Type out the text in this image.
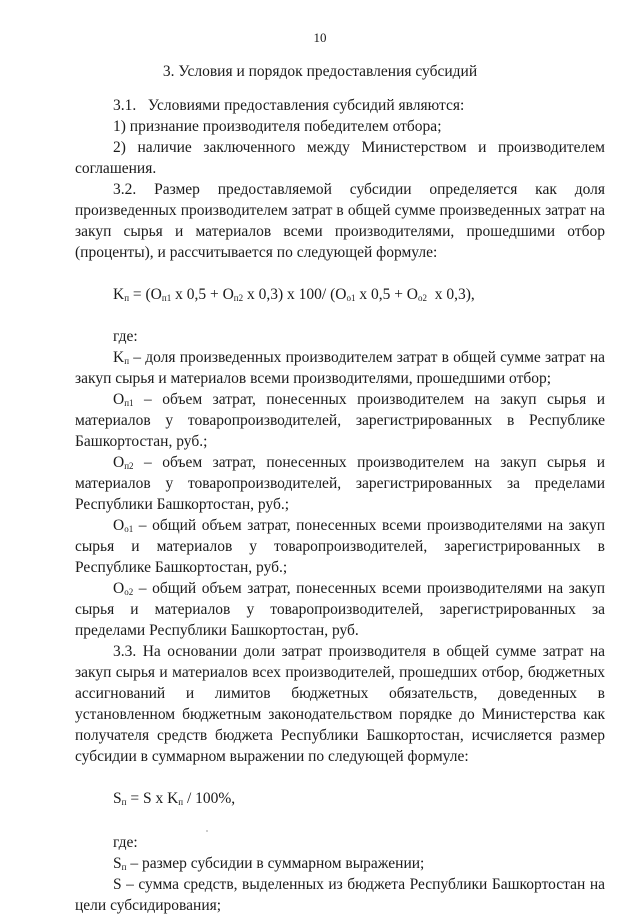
10
3. Условия и порядок предоставления субсидий

3.1.   Условиями предоставления субсидий являются:

1) признание производителя победителем отбора;

2) наличие заключенного между Министерством и производителем соглашения.

3.2. Размер предоставляемой субсидии определяется как доля произведенных производителем затрат в общей сумме произведенных затрат на закуп сырья и материалов всеми производителями, прошедшими отбор (проценты), и рассчитывается по следующей формуле:

$K_п = (O_{п1}$ x $0,5 + O_{п2}$ x 0,3) x 100/ ($O_{o1}$ x $0,5 + O_{o2}$  x 0,3),

где:

$K_п$ – доля произведенных производителем затрат в общей сумме затрат на закуп сырья и материалов всеми производителями, прошедшими отбор;

$O_{п1}$ – объем затрат, понесенных производителем на закуп сырья и материалов у товаропроизводителей, зарегистрированных в Республике Башкортостан, руб.;

$O_{п2}$ – объем затрат, понесенных производителем на закуп сырья и материалов у товаропроизводителей, зарегистрированных за пределами Республики Башкортостан, руб.;

$O_{o1}$ – общий объем затрат, понесенных всеми производителями на закуп сырья и материалов у товаропроизводителей, зарегистрированных в Республике Башкортостан, руб.;

$O_{o2}$ – общий объем затрат, понесенных всеми производителями на закуп сырья и материалов у товаропроизводителей, зарегистрированных за пределами Республики Башкортостан, руб.

3.3. На основании доли затрат производителя в общей сумме затрат на закуп сырья и материалов всех производителей, прошедших отбор, бюджетных ассигнований и лимитов бюджетных обязательств, доведенных в установленном бюджетным законодательством порядке до Министерства как получателя средств бюджета Республики Башкортостан, исчисляется размер субсидии в суммарном выражении по следующей формуле:

$S_п = S$ x $K_п / 100\%$,

где:

$S_п$ – размер субсидии в суммарном выражении;

S – сумма средств, выделенных из бюджета Республики Башкортостан на цели субсидирования;
